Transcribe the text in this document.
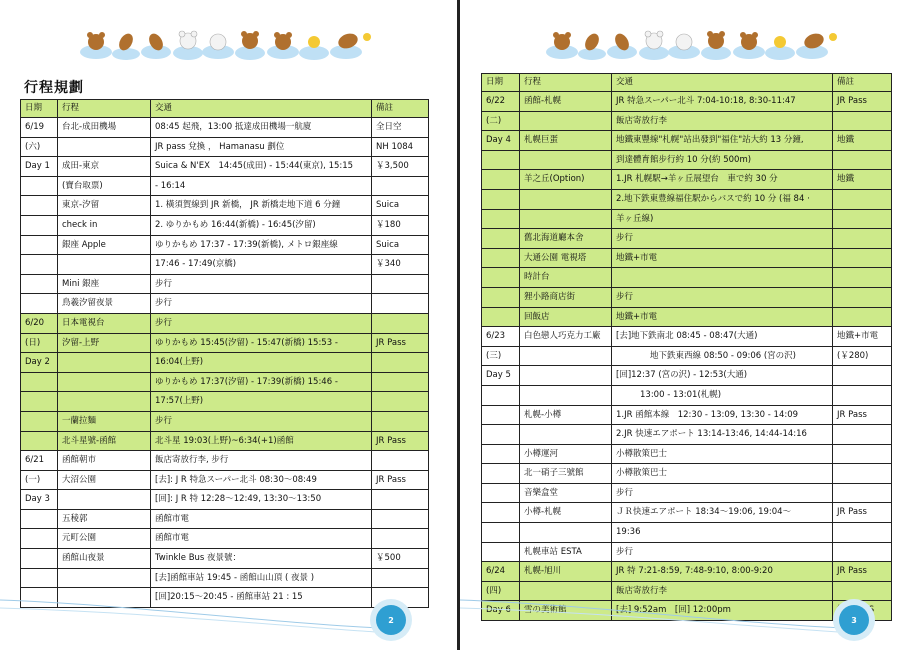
行程規劃
日期	行程	交通	備註
6/19	台北-成田機場	08:45 起飛，13:00 抵達成田機場一航廈	全日空
(六)		JR pass 兌換 ， Hamanasu 劃位	NH 1084
Day 1	成田-東京	Suica & N'EX　14:45(成田) - 15:44(東京), 15:15	￥3,500
	(寶台取票)	- 16:14	
	東京-汐留	1. 橫須賀線到 JR 新橋， JR 新橋走地下道 6 分鐘	Suica
	check in	2. ゆりかもめ 16:44(新橋) - 16:45(汐留)	￥180
	銀座 Apple	ゆりかもめ 17:37 - 17:39(新橋), メトロ銀座線	Suica
		17:46 - 17:49(京橋)	￥340
	Mini 銀座	步行	
	鳥羲汐留夜景	步行	
6/20	日本電視台	步行	
(日)	汐留-上野	ゆりかもめ 15:45(汐留) - 15:47(新橋) 15:53 -	JR Pass
Day 2		16:04(上野)	
		ゆりかもめ 17:37(汐留) - 17:39(新橋) 15:46 -	
		17:57(上野)	
	一蘭拉麵	步行	
	北斗星號-函館	北斗星 19:03(上野)~6:34(+1)函館	JR Pass
6/21	函館朝市	飯店寄放行李, 步行	
(一)	大沼公園	[去]: J R 特急スーパー北斗 08:30～08:49	JR Pass
Day 3		[回]: J R 特 12:28～12:49, 13:30～13:50	
	五稜郭	函館市電	
	元町公園	函館市電	
	函館山夜景	Twinkle Bus 夜景號：	￥500
		[去]函館車站 19:45 - 函館山山頂 ( 夜景 )	
		[回]20:15～20:45 - 函館車站 21 : 15	
2
日期	行程	交通	備註
6/22	函館-札幌	JR 特急スーパー北斗 7:04-10:18, 8:30-11:47	JR Pass
(二)		飯店寄放行李	
Day 4	札幌巨蛋	地鐵東豐線"札幌"站出發到"福住"站大約 13 分鐘,	地鐵
		到達體育館步行約 10 分(約 500m)	
	羊之丘(Option)	1.JR 札幌駅→羊ヶ丘展望台　車で約 30 分	地鐵
		2.地下鉄東豊線福住駅からバスで約 10 分 (福 84 ·	
		羊ヶ丘線)	
	舊北海道廳本舍	步行	
	大通公園 電視塔	地鐵+市電	
	時計台		
	狸小路商店街	步行	
	回飯店	地鐵+市電	
6/23	白色戀人巧克力工廠	[去]地下鉄南北 08:45 - 08:47(大通)	地鐵+市電
(三)		地下鉄東西線 08:50 - 09:06 (宮の沢)	(￥280)
Day 5		[回]12:37 (宮の沢) - 12:53(大通)	
		13:00 - 13:01(札幌)	
	札幌-小樽	1.JR 函館本線　12:30 - 13:09, 13:30 - 14:09	JR Pass
		2.JR 快速エアポート 13:14-13:46, 14:44-14:16	
	小樽運河	小樽散策巴士	
	北一硝子三號館	小樽散策巴士	
	音樂盒堂	步行	
	小樽-札幌	ＪＲ快速エアポート 18:34～19:06, 19:04～	JR Pass
		19:36	
	札幌車站 ESTA	步行	
6/24	札幌-旭川	JR 特 7:21-8:59, 7:48-9:10, 8:00-9:20	JR Pass
(四)		飯店寄放行李	
Day 6	雪の美術館	[去] 9:52am　[回] 12:00pm	
3
